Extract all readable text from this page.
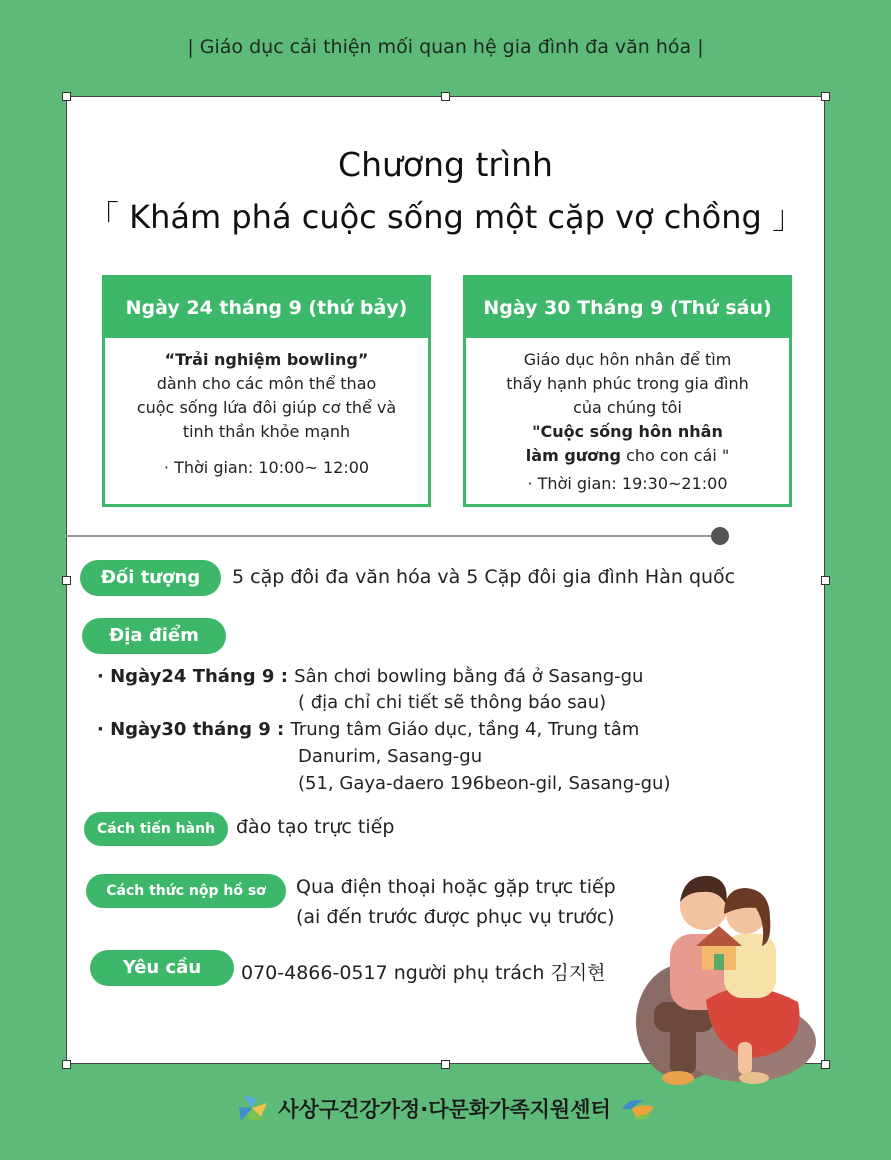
| Giáo dục cải thiện mối quan hệ gia đình đa văn hóa |
Chương trình
「 Khám phá cuộc sống một cặp vợ chồng 」
Ngày 24 tháng 9 (thứ bảy)
“Trải nghiệm bowling”
dành cho các môn thể thao
cuộc sống lứa đôi giúp cơ thể và
tinh thần khỏe mạnh
· Thời gian: 10:00~ 12:00
Ngày 30 Tháng 9 (Thứ sáu)
Giáo dục hôn nhân để tìm
thấy hạnh phúc trong gia đình
của chúng tôi
"Cuộc sống hôn nhân
làm gương cho con cái "
· Thời gian: 19:30~21:00
Đối tượng	5 cặp đôi đa văn hóa và 5 Cặp đôi gia đình Hàn quốc
Địa điểm
· Ngày24 Tháng 9 : Sân chơi bowling bằng đá ở Sasang-gu
( địa chỉ chi tiết sẽ thông báo sau)
· Ngày30 tháng 9 : Trung tâm Giáo dục, tầng 4, Trung tâm
Danurim, Sasang-gu
(51, Gaya-daero 196beon-gil, Sasang-gu)
Cách tiến hành	đào tạo trực tiếp
Cách thức nộp hồ sơ	Qua điện thoại hoặc gặp trực tiếp
(ai đến trước được phục vụ trước)
Yêu cầu	070-4866-0517 người phụ trách 김지현
사상구건강가정·다문화가족지원센터
